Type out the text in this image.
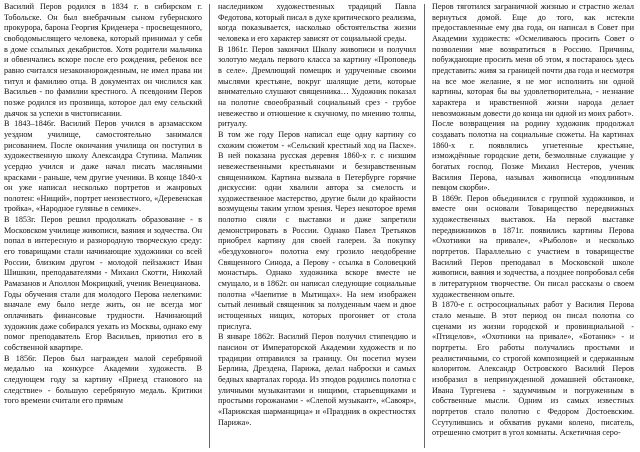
Василий Перов родился в 1834 г. в сибирском г. Тобольске. Он был внебрачным сыном губернского прокурора, барона Георгия Криденера - просвещенного, свободомыслящего человека, который принимал у себя в доме ссыльных декабристов. Хотя родители мальчика и обвенчались вскоре после его рождения, ребенок все равно считался незаконнорожденным, не имел права ни титул и фамилию отца. В документах он числился как Васильев - по фамилии крестного. А псевдоним Перов позже родился из прозвища, которое дал ему сельский дьячок за успехи в чистописании.

В 1843–1846г. Василий Перов учился в арзамасском уездном училище, самостоятельно занимался рисованием. После окончания училища он поступил в художественную школу Александра Ступина. Мальчик усердно учился и даже начал писать масляными красками - раньше, чем другие ученики. В конце 1840-х он уже написал несколько портретов и жанровых полотен: «Нищий», портрет неизвестного, «Деревенская тройка», «Народное гулянье в семике».

В 1853г. Перов решил продолжать образование - в Московском училище живописи, ваяния и зодчества. Он попал в интересную и разнородную творческую среду: его товарищами стали начинающие художники со всей России, близким другом - молодой пейзажист Иван Шишкин, преподавателями - Михаил Скотти, Николай Рамазанов и Аполлон Мокрицкий, ученик Венецианова.

Годы обучения стали для молодого Перова нелегкими: вначале ему было негде жить, он не всегда мог оплачивать финансовые трудности. Начинающий художник даже собирался уехать из Москвы, однако ему помог преподаватель Егор Васильев, приютил его в собственной квартире.

В 1856г. Перов был награжден малой серебряной медалью на конкурсе Академии художеств. В следующем году за картину «Приезд станового на следствие» - большую серебряную медаль. Критики того времени считали его прямым

наследником художественных традиций Павла Федотова, который писал в духе критического реализма, когда показывается, насколько обстоятельства жизни человека и его характер зависят от социальной среды.

В 1861г. Перов закончил Школу живописи и получил золотую медаль первого класса за картину «Проповедь в селе». Дремлющий помещик и удрученные своими мыслями крестьяне, вокруг шалящие дети, которые внимательно слушают священника… Художник показал на полотне своеобразный социальный срез - грубое невежество и отношение к скучному, по мнению толпы, ритуалу.

В том же году Перов написал еще одну картину со схожим сюжетом - «Сельский крестный ход на Пасхе». В ней показана русская деревня 1860-х г. с низшим невежественными крестьянами и безнравственным священником. Картина вызвала в Петербурге горячие дискуссии: одни хвалили автора за смелость и художественное мастерство, другие были до крайности возмущены таким углом зрения. Через некоторое время полотно сняли с выставки и даже запретили демонстрировать в России. Однако Павел Третьяков приобрел картину для своей галереи. За покупку «бездуховного» полотна ему грозило неодобрение Священного Синода, а Перову - ссылка в Соловецкий монастырь. Однако художника вскоре вместе не смущало, и в 1862г. он написал следующие социальные полотна «Чаепитие в Мытищах». На нем изображен сытый ленивый священник за полуденным чаем и двое истощенных нищих, которых прогоняет от стола прислуга.

В январе 1862г. Василий Перов получил стипендию и пансион от Императорской Академии художеств и по традиции отправился за границу. Он посетил музеи Берлина, Дрездена, Парижа, делал наброски и самых бедных кварталах города. Из этюдов родились полотна с уличными музыкантами и нищими, старьевщиками и простыми горожанами - «Слепой музыкант», «Савояр», «Парижская шарманщица» и «Праздник в окрестностях Парижа».

Перов тяготился заграничной жизнью и страстно желал вернуться домой. Еще до того, как истекли предоставленные ему два года, он написал в Совет при Академии художеств: «Осмеливаюсь просить Совет о позволении мне возвратиться в Россию. Причины, побуждающие просить меня об этом, я постараюсь здесь представить: живя за границей почти два года и несмотря на все мое желание, я не мог исполнить ни одной картины, которая бы вы удовлетворительна, - незнание характера и нравственной жизни народа делает невозможным довести до конца ни одной из моих работ».

После возвращения на родину художник продолжал создавать полотна на социальные сюжеты. На картинах 1860-х г. появлялись угнетенные крестьяне, измождённые городские дети, безмолвные служащие у богатых господ. Позже Михаил Нестеров, ученик Василия Перова, называл живописца «подлинным певцом скорби».

В 1869г. Перов объединился с группой художников, и вместе они основали Товарищество передвижных художественных выставок. На первой выставке передвижников в 1871г. появились картины Перова «Охотники на привале», «Рыболов» и несколько портретов. Параллельно с участием в товариществе Василий Перов преподавал в Московской школе живописи, ваяния и зодчества, а позднее попробовал себя в литературном творчестве. Он писал рассказы о своем художественном опыте.

В 1870-е г. остросоциальных работ у Василия Перова стало меньше. В этот период он писал полотна со сценами из жизни городской и провинциальной - «Птицелов», «Охотники на привале», «Ботаник» - и портреты. Его работы получались простыми и реалистичными, со строгой композицией и сдержанным колоритом. Александр Островского Василий Перов изобразил в непринужденной домашней обстановке, Ивана Тургенева - задумчивым и погруженным в собственные мысли. Одним из самых известных портретов стало полотно с Федором Достоевским. Ссутулившись и обхватив руками колено, писатель, отрешенно смотрит в угол комнаты. Аскетичная серо-
